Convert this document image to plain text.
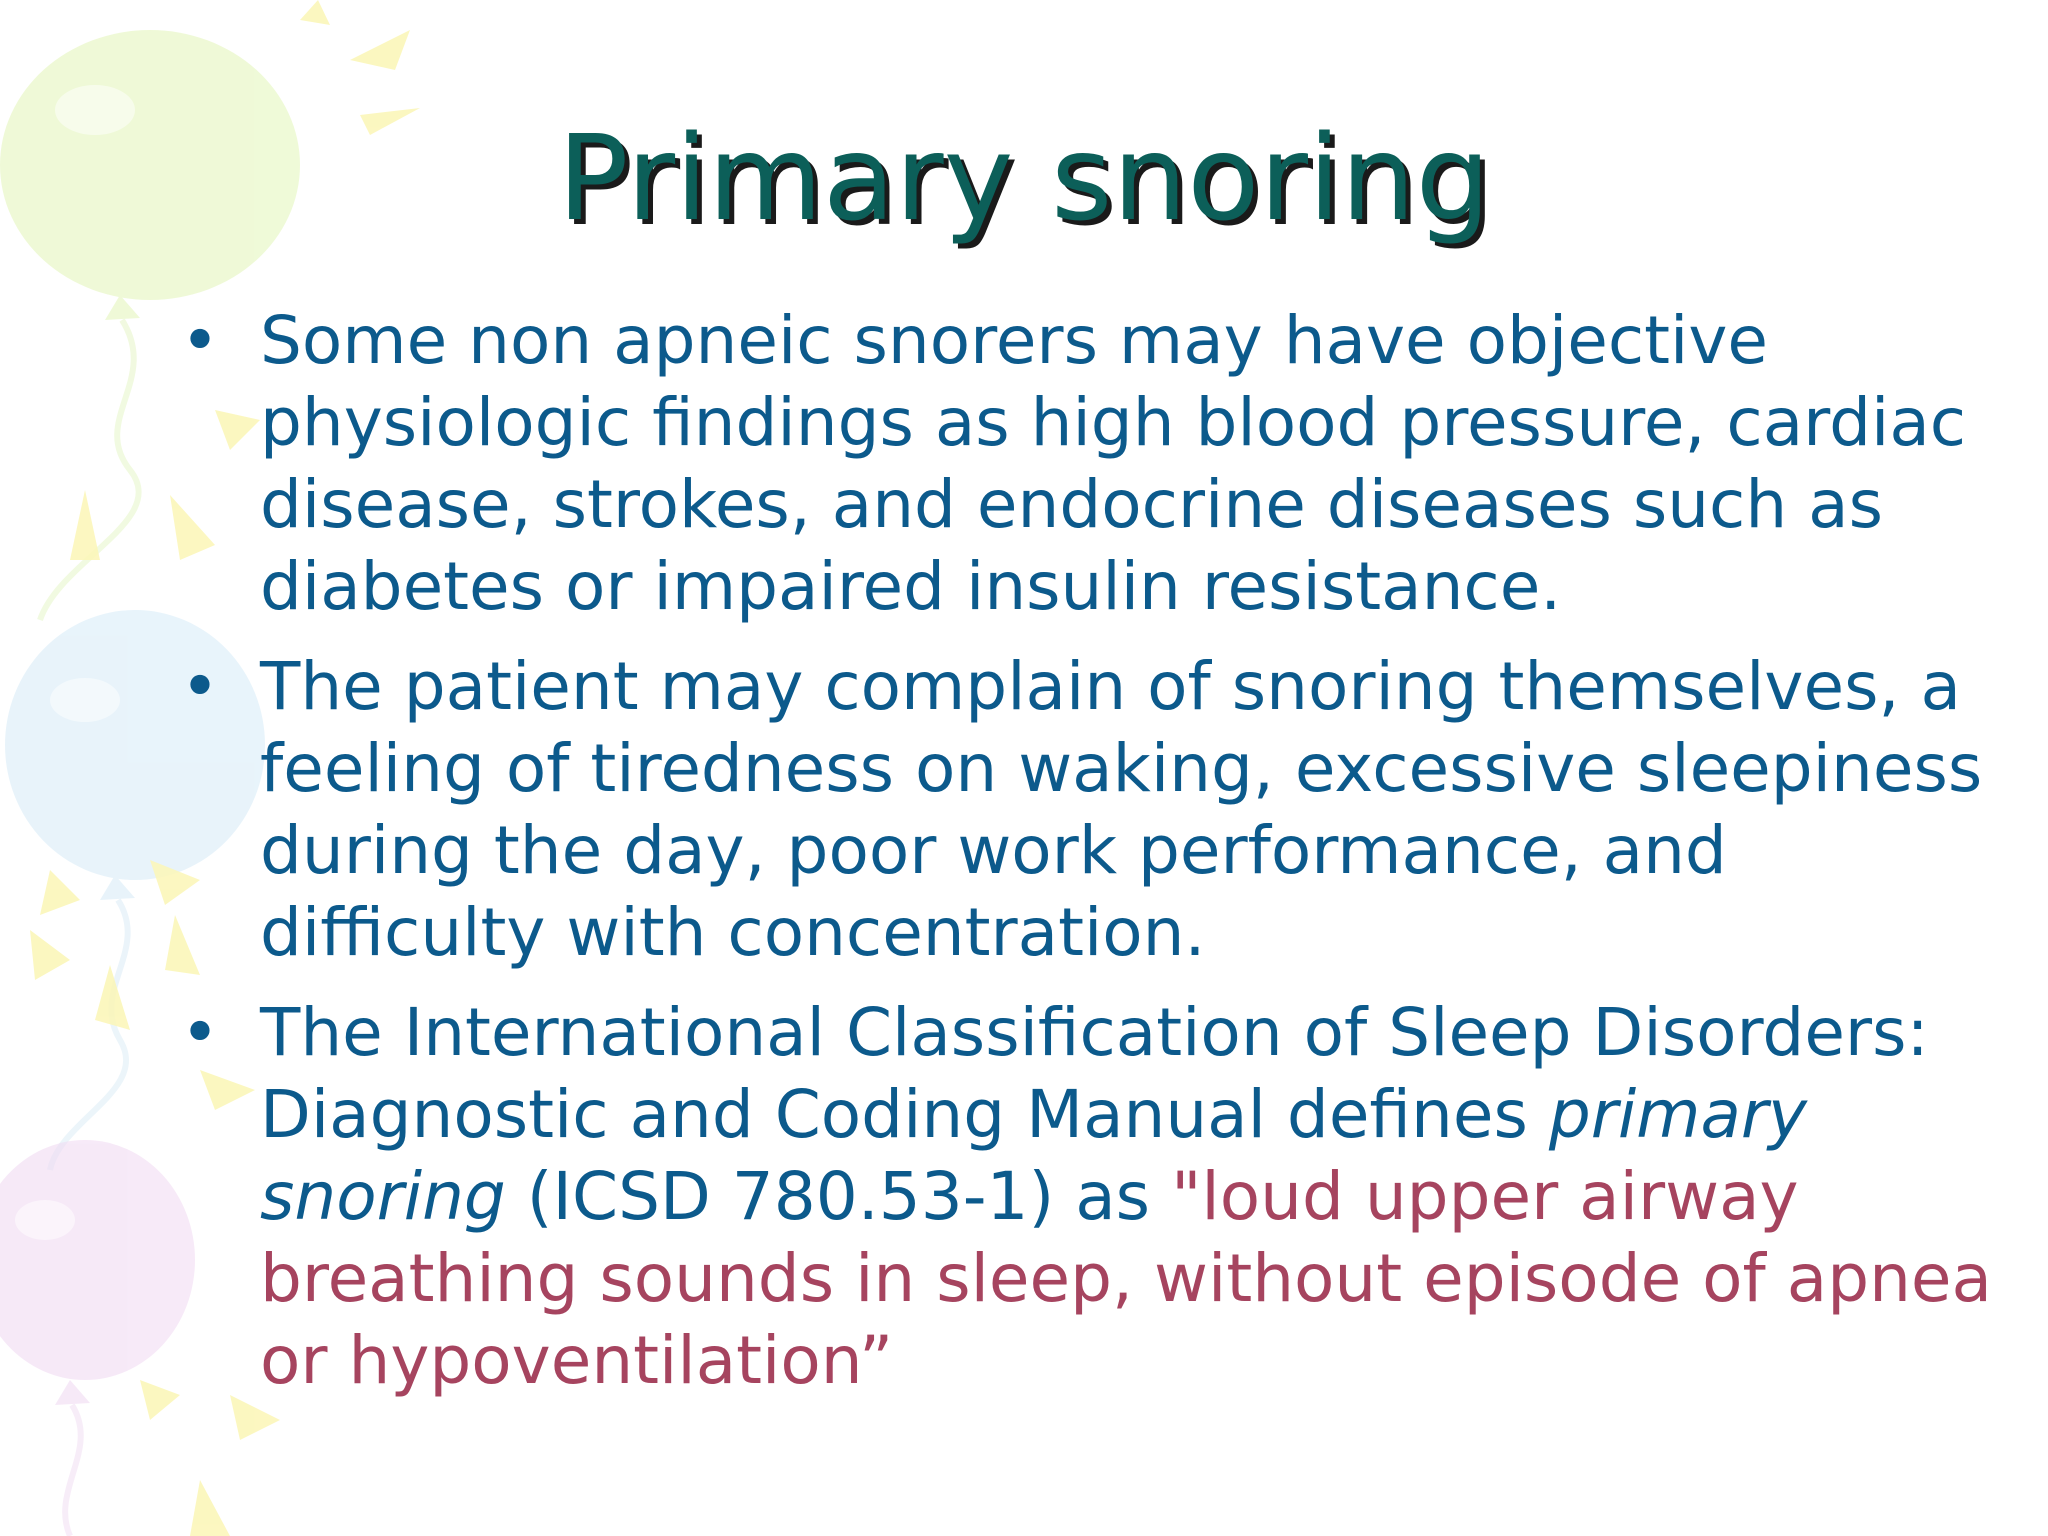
Primary snoring
• Some non apneic snorers may have objective physiologic findings as high blood pressure, cardiac disease, strokes, and endocrine diseases such as diabetes or impaired insulin resistance.
• The patient may complain of snoring themselves, a feeling of tiredness on waking, excessive sleepiness during the day, poor work performance, and difficulty with concentration.
• The International Classification of Sleep Disorders: Diagnostic and Coding Manual defines primary snoring (ICSD 780.53-1) as "loud upper airway breathing sounds in sleep, without episode of apnea or hypoventilation”
